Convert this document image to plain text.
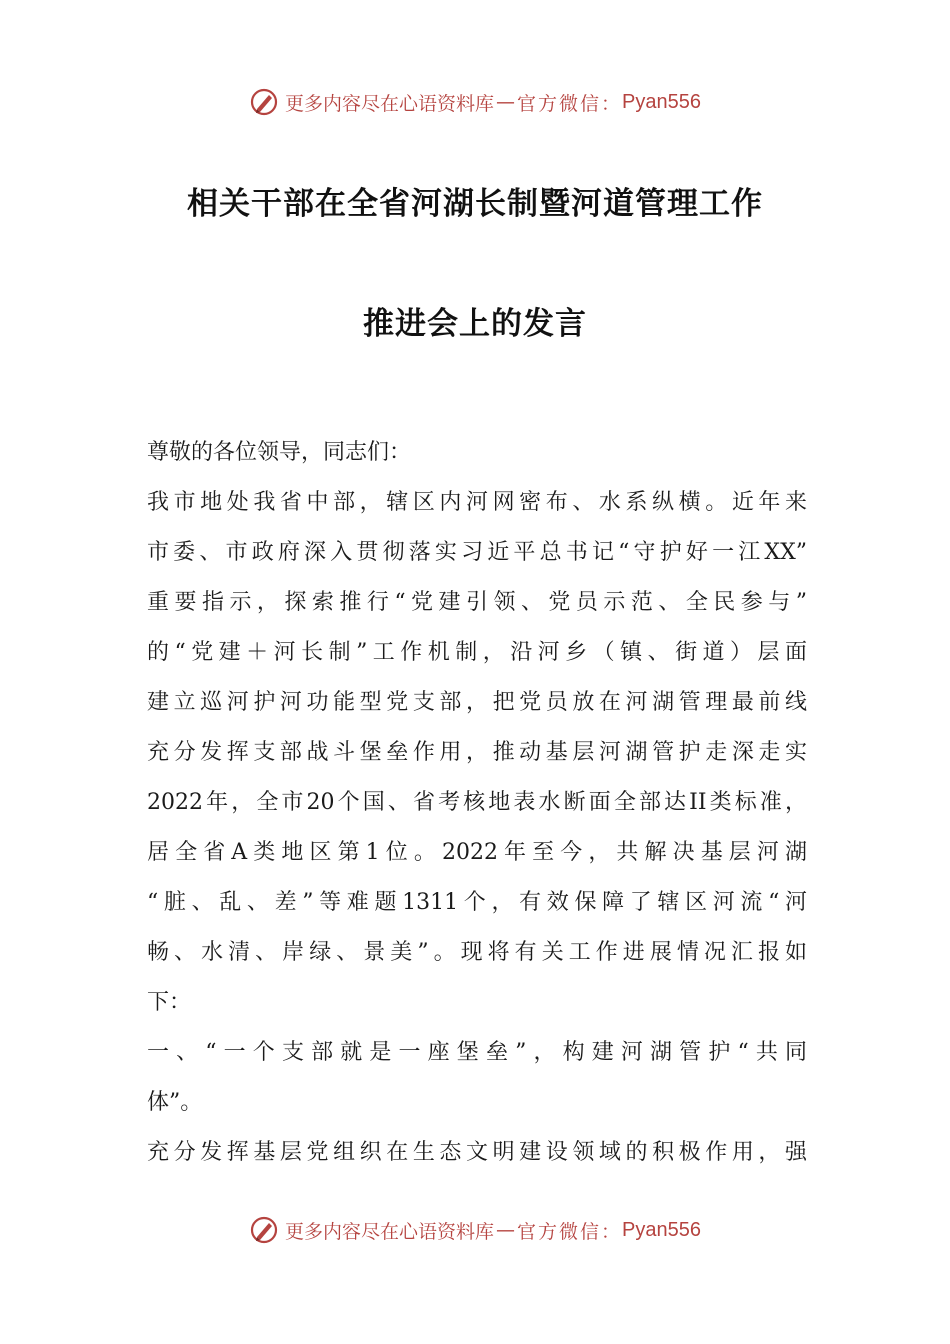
更多内容尽在心语资料库 — 官方微信： Pyan556
相关干部在全省河湖长制暨河道管理工作
推进会上的发言
尊敬的各位领导，同志们：
我市地处我省中部，辖区内河网密布、水系纵横。近年来
市委、市政府深入贯彻落实习近平总书记“守护好一江XX”
重要指示，探索推行“党建引领、党员示范、全民参与”
的“党建＋河长制”工作机制，沿河乡（镇、街道）层面
建立巡河护河功能型党支部，把党员放在河湖管理最前线
充分发挥支部战斗堡垒作用，推动基层河湖管护走深走实
2022年，全市20个国、省考核地表水断面全部达II类标准，
居全省A类地区第1位。2022年至今，共解决基层河湖
“脏、乱、差”等难题1311个，有效保障了辖区河流“河
畅、水清、岸绿、景美”。现将有关工作进展情况汇报如
下：
一、“一个支部就是一座堡垒”，构建河湖管护“共同
体”。
充分发挥基层党组织在生态文明建设领域的积极作用，强
更多内容尽在心语资料库 — 官方微信： Pyan556
